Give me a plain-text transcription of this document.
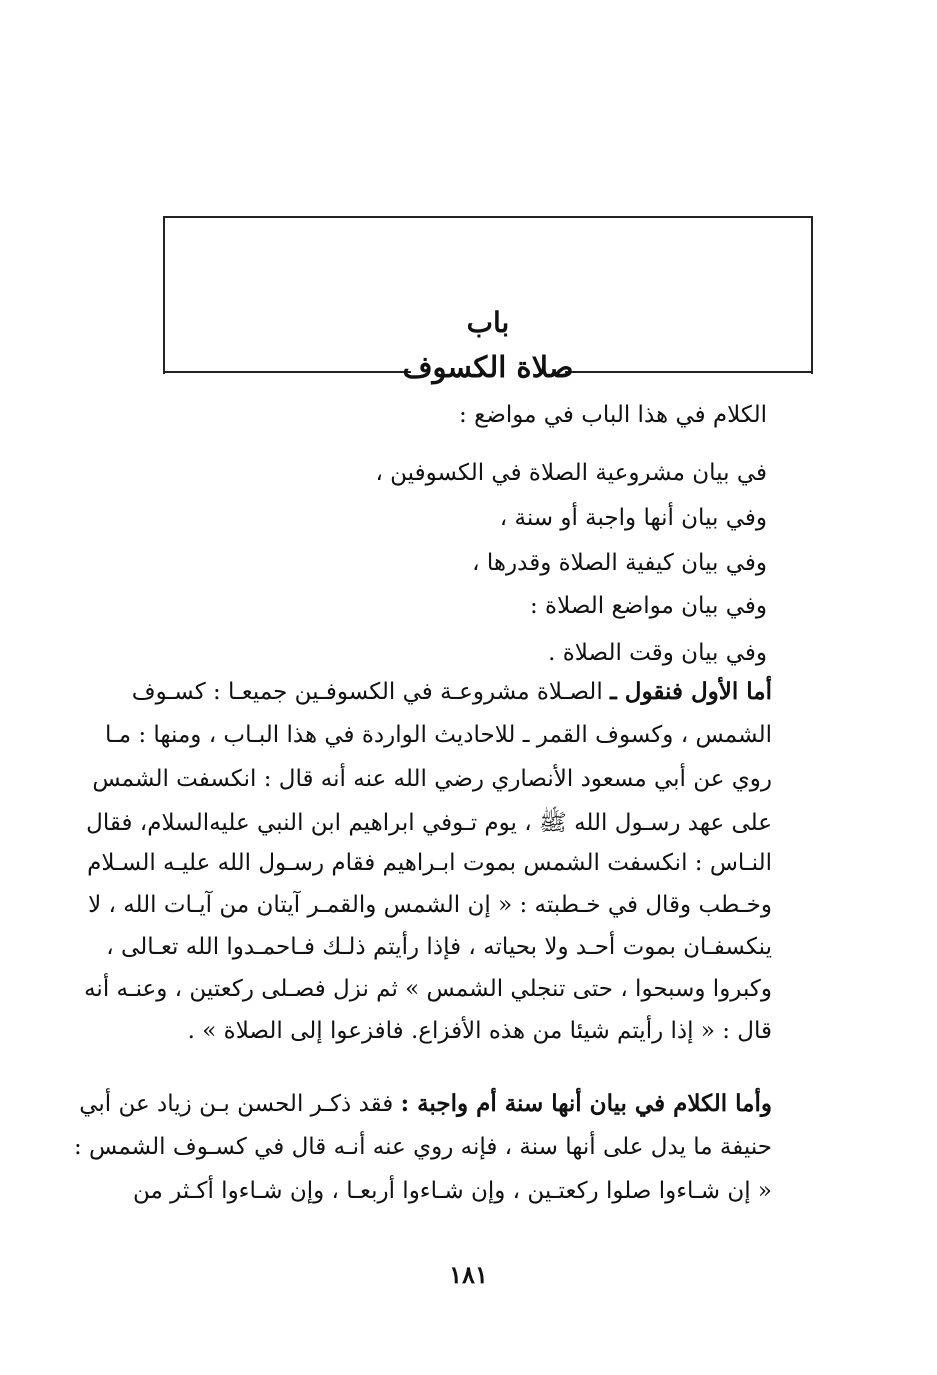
باب
صلاة الكسوف
الكلام في هذا الباب في مواضع :
في بيان مشروعية الصلاة في الكسوفين ،
وفي بيان أنها واجبة أو سنة ،
وفي بيان كيفية الصلاة وقدرها ،
وفي بيان مواضع الصلاة :
وفي بيان وقت الصلاة .
أما الأول فنقول ـ الصـلاة مشروعـة في الكسوفـين جميعـا : كسـوف
الشمس ، وكسوف القمر ـ للاحاديث الواردة في هذا البـاب ، ومنها : مـا
روي عن أبي مسعود الأنصاري رضي الله عنه أنه قال : انكسفت الشمس
على عهد رسـول الله ﷺ ، يوم تـوفي ابراهيم ابن النبي عليه‌السلام، فقال
النـاس : انكسفت الشمس بموت ابـراهيم فقام رسـول الله عليـه السـلام
وخـطب وقال في خـطبته : « إن الشمس والقمـر آيتان من آيـات الله ، لا
ينكسفـان بموت أحـد ولا بحياته ، فإذا رأيتم ذلـك فـاحمـدوا الله تعـالى ،
وكبروا وسبحوا ، حتى تنجلي الشمس » ثم نزل فصـلى ركعتين ، وعنـه أنه
قال : « إذا رأيتم شيئا من هذه الأفزاع. فافزعوا إلى الصلاة » .
وأما الكلام في بيان أنها سنة أم واجبة : فقد ذكـر الحسن بـن زياد عن أبي
حنيفة ما يدل على أنها سنة ، فإنه روي عنه أنـه قال في كسـوف الشمس :
« إن شـاءوا صلوا ركعتـين ، وإن شـاءوا أربعـا ، وإن شـاءوا أكـثر من
١٨١
